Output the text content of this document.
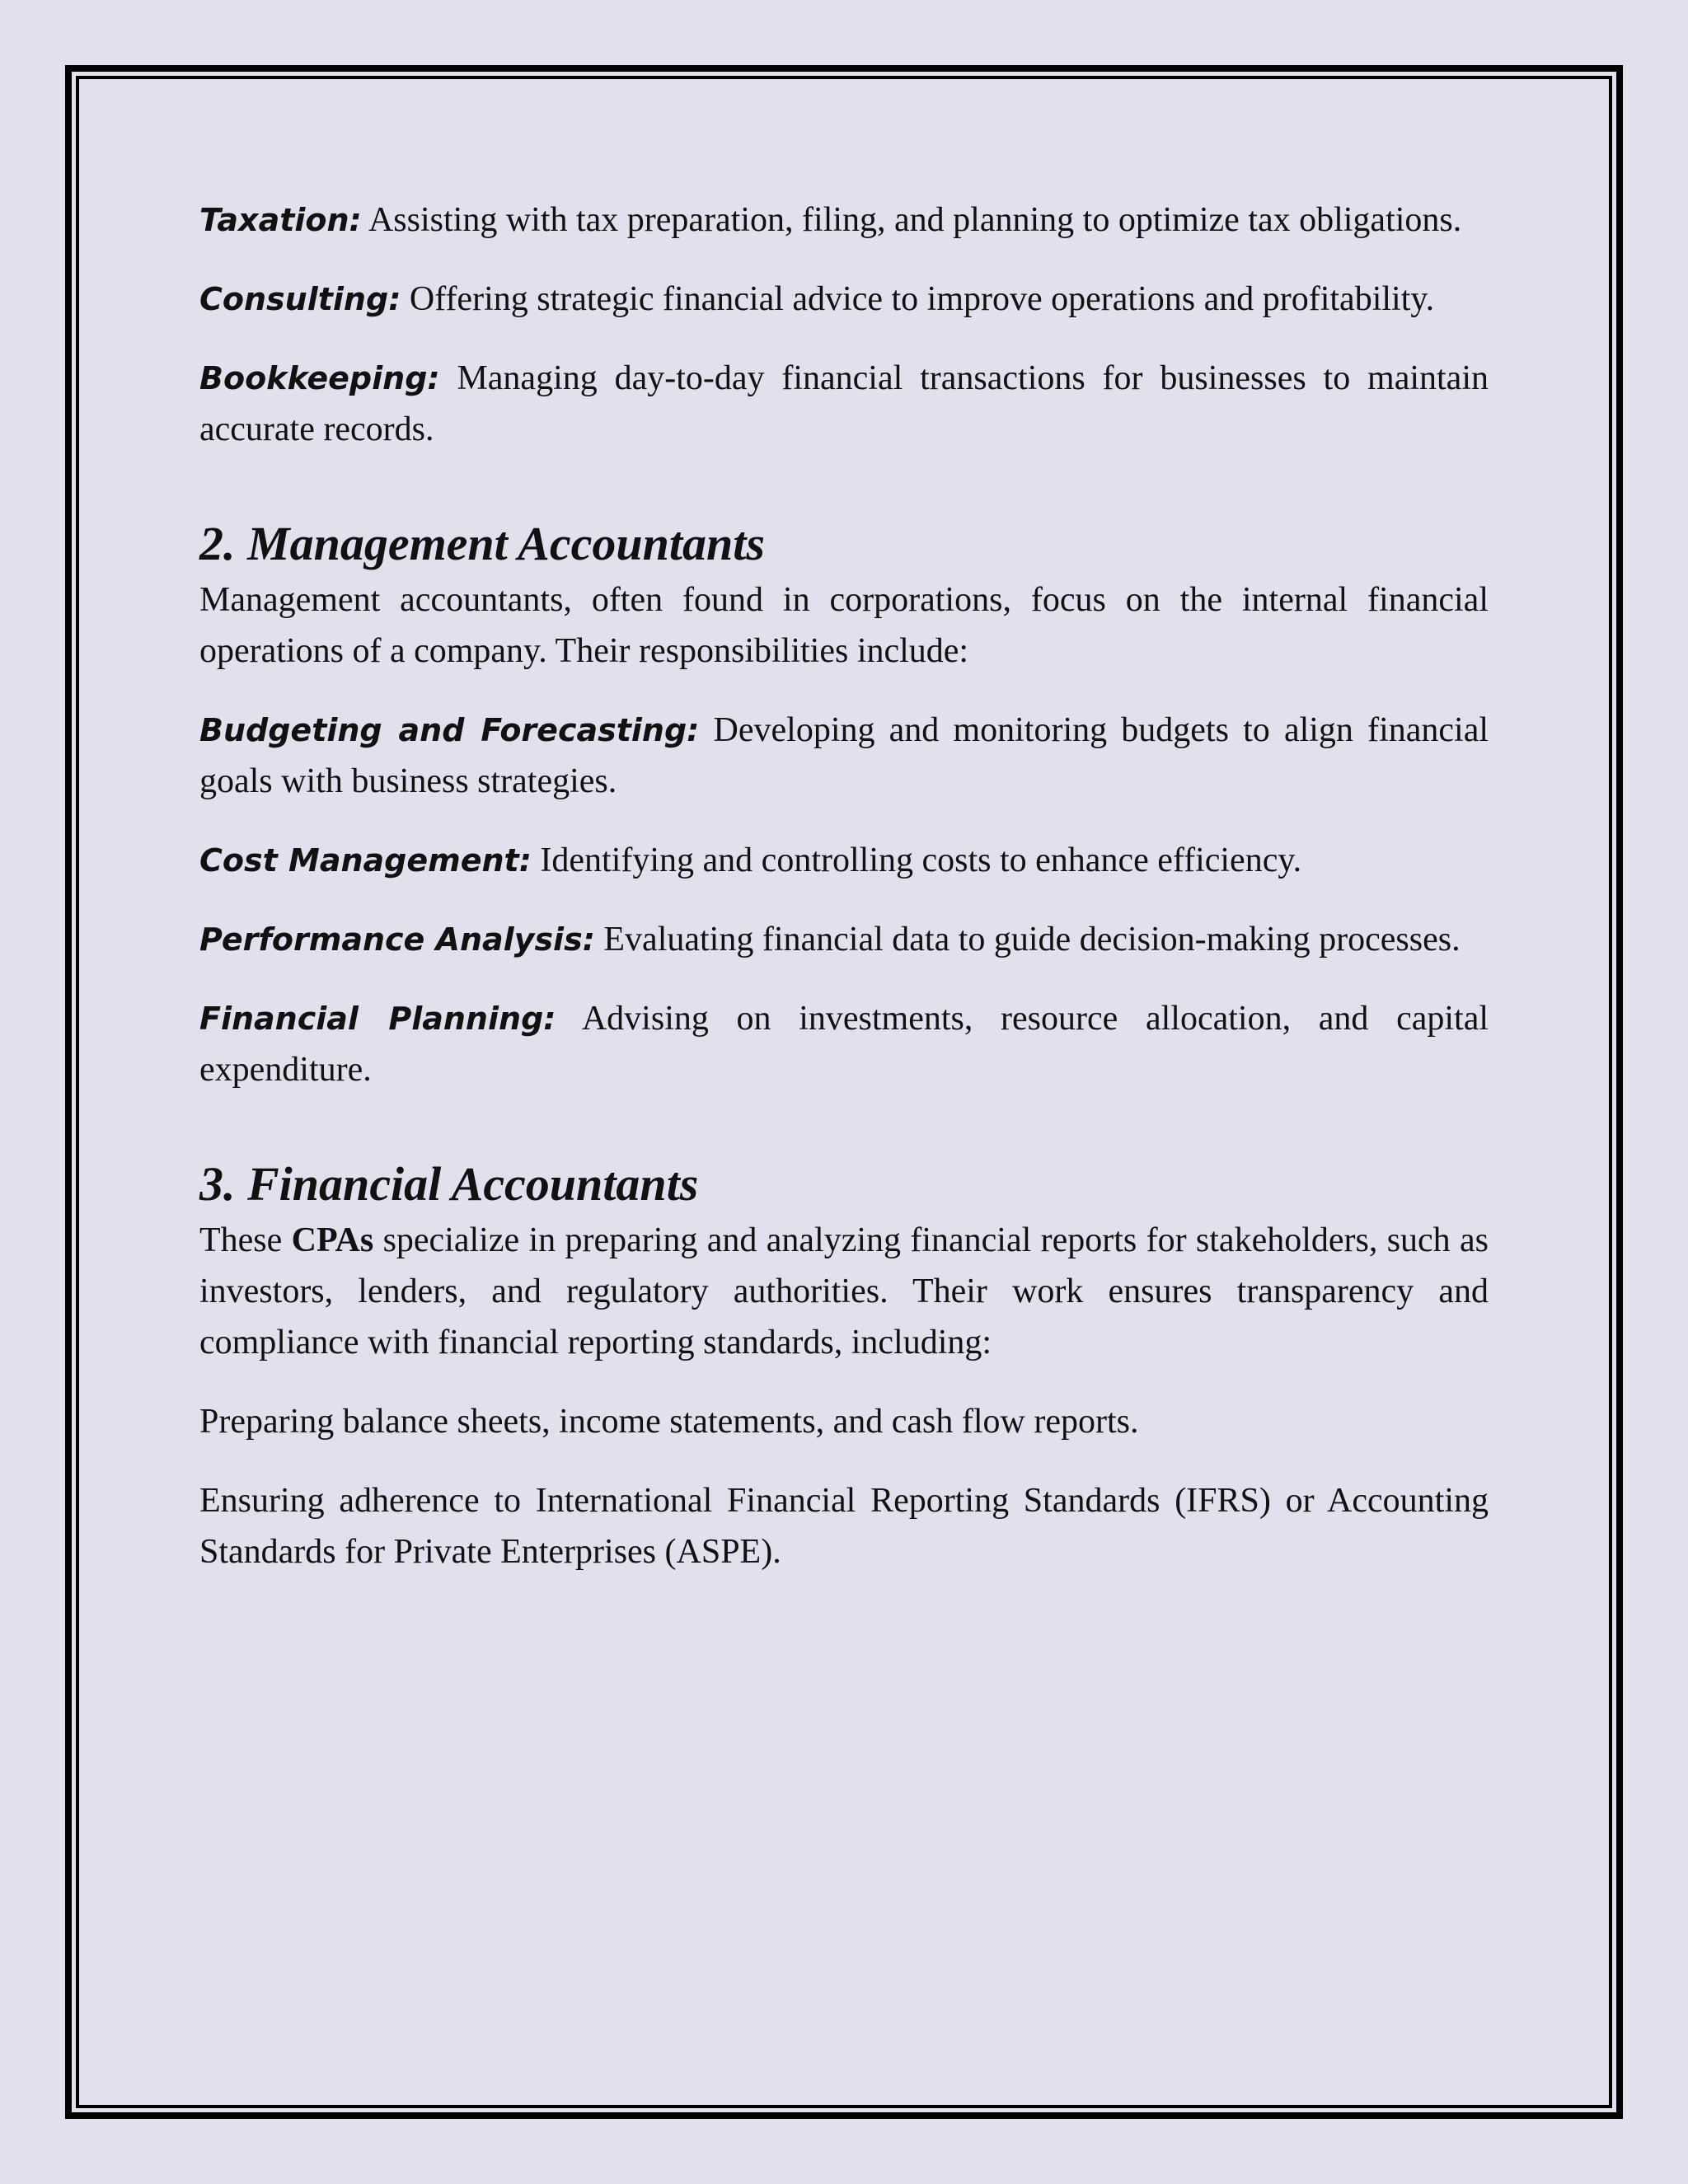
Taxation: Assisting with tax preparation, filing, and planning to optimize tax obligations.

Consulting: Offering strategic financial advice to improve operations and profitability.

Bookkeeping: Managing day-to-day financial transactions for businesses to maintain accurate records.

2. Management Accountants

Management accountants, often found in corporations, focus on the internal financial operations of a company. Their responsibilities include:

Budgeting and Forecasting: Developing and monitoring budgets to align financial goals with business strategies.

Cost Management: Identifying and controlling costs to enhance efficiency.

Performance Analysis: Evaluating financial data to guide decision-making processes.

Financial Planning: Advising on investments, resource allocation, and capital expenditure.

3. Financial Accountants

These CPAs specialize in preparing and analyzing financial reports for stakeholders, such as investors, lenders, and regulatory authorities. Their work ensures transparency and compliance with financial reporting standards, including:

Preparing balance sheets, income statements, and cash flow reports.

Ensuring adherence to International Financial Reporting Standards (IFRS) or Accounting Standards for Private Enterprises (ASPE).
